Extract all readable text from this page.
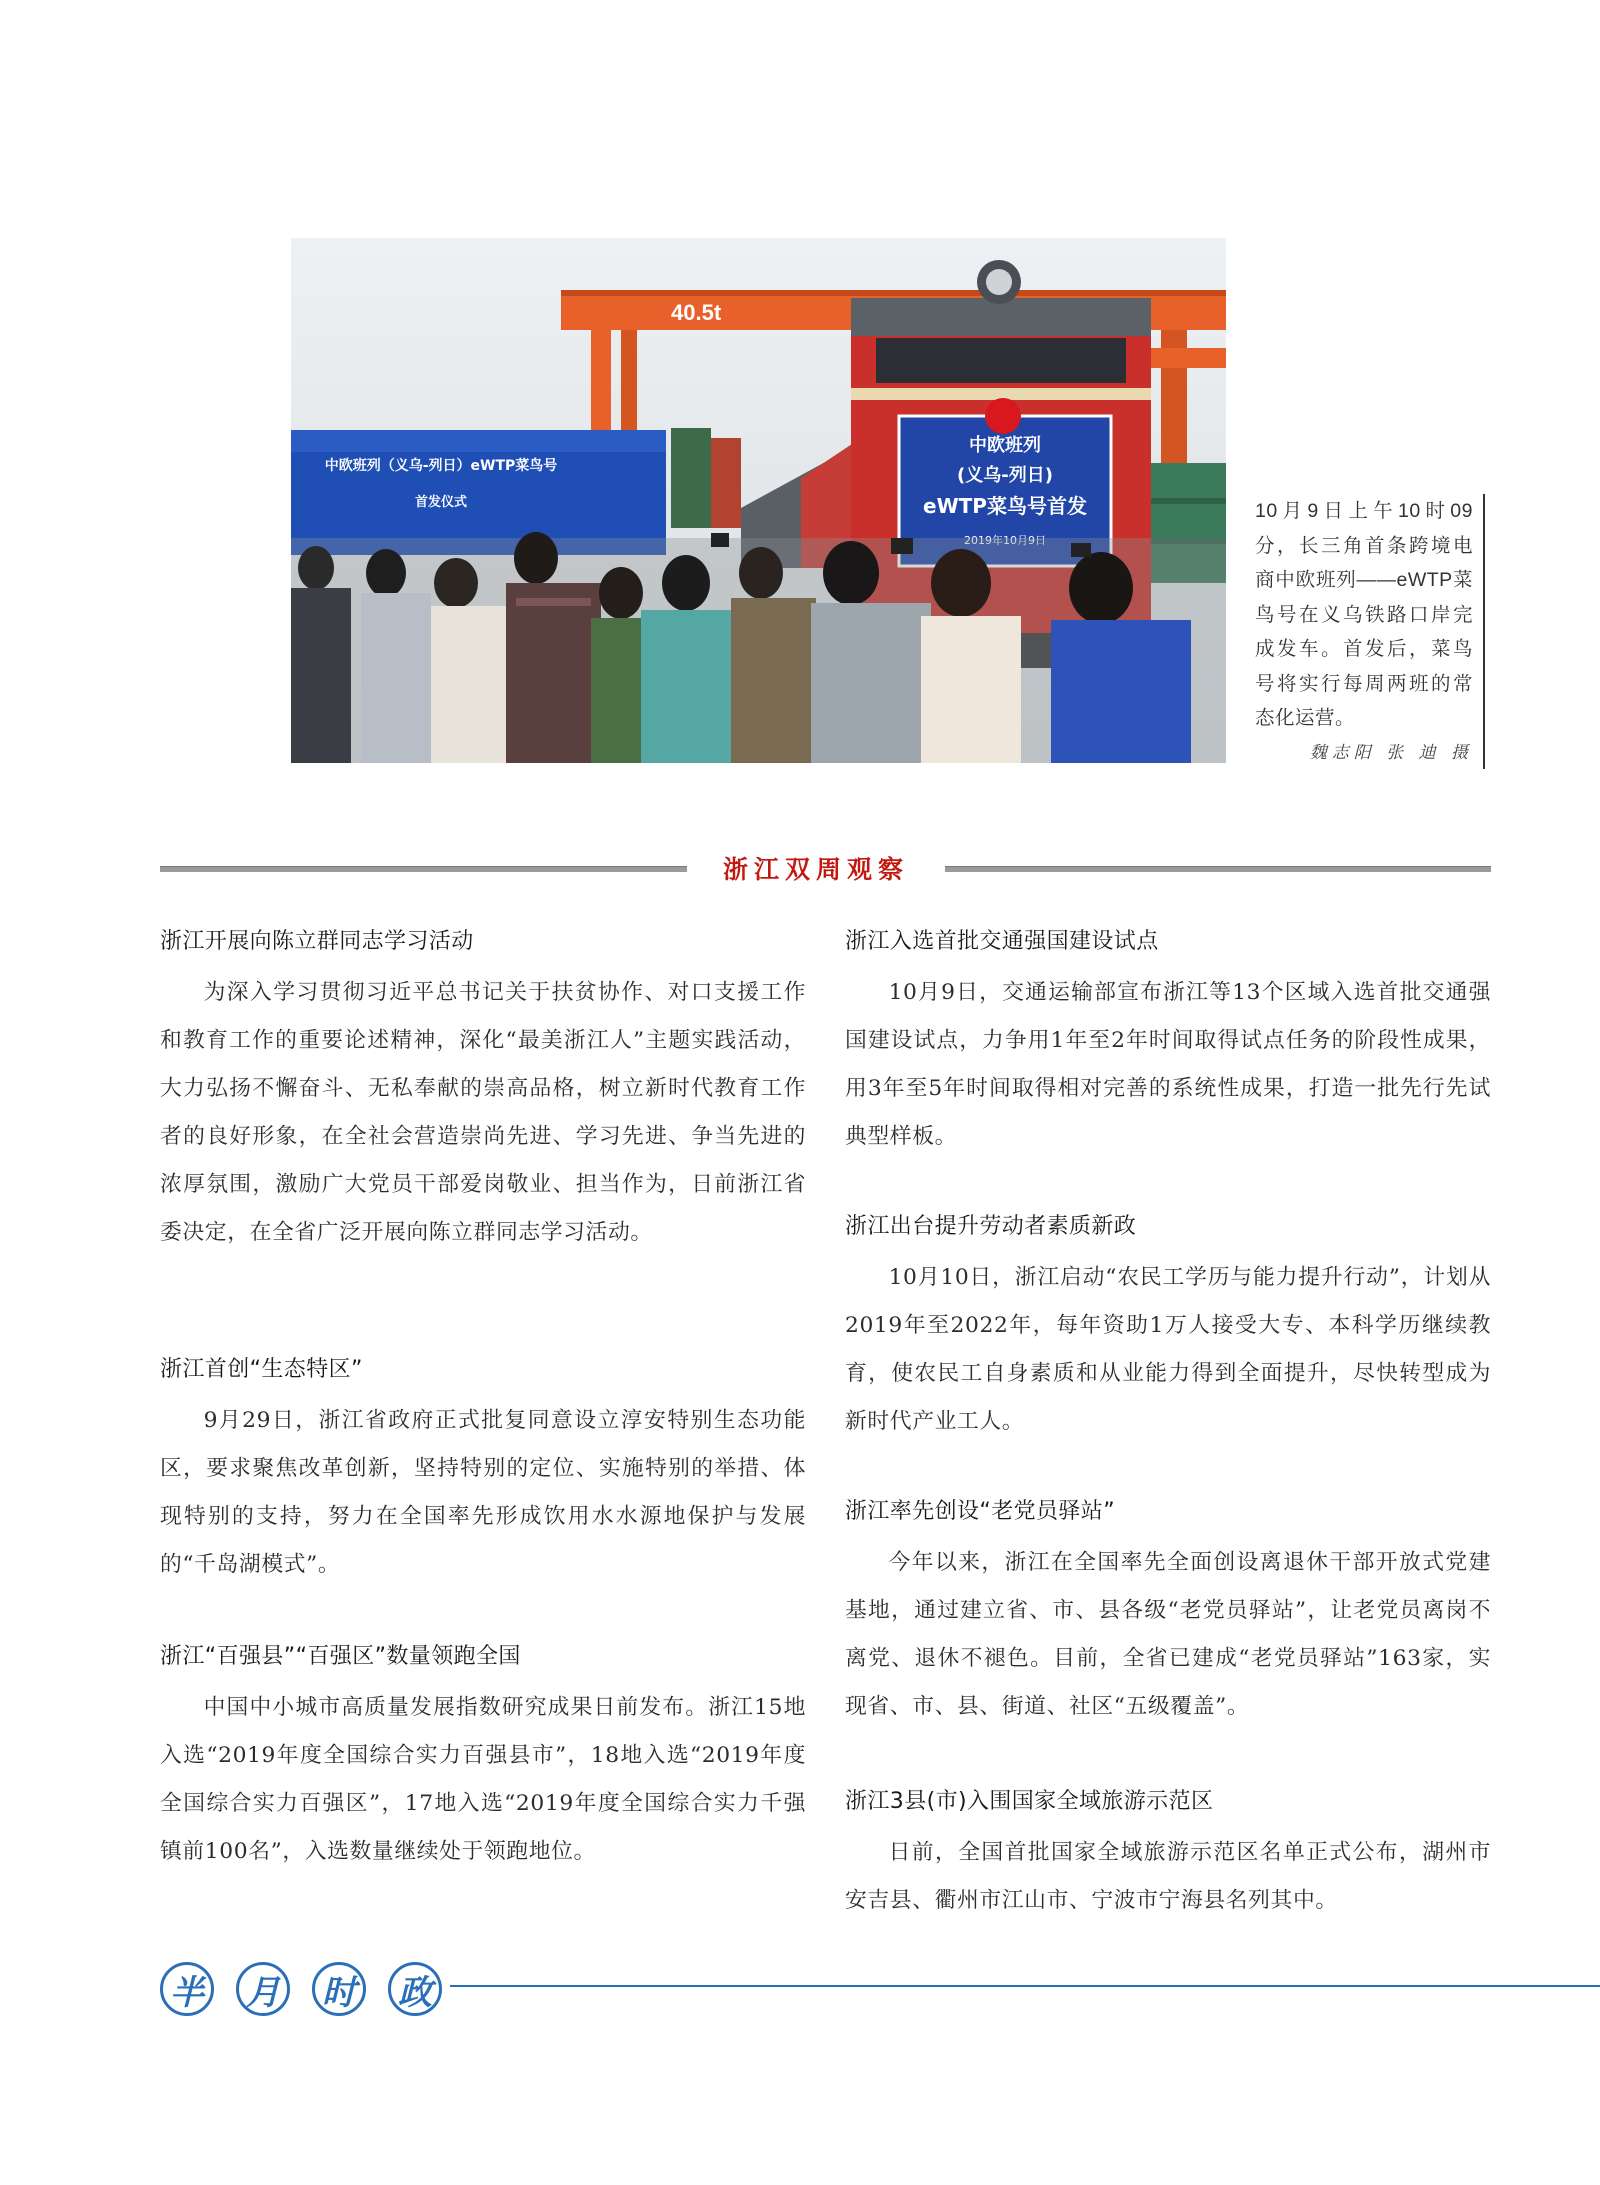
40.5t
中欧班列
(义乌-列日)
eWTP菜鸟号首发
2019年10月9日
中欧班列（义乌-列日）eWTP菜鸟号
首发仪式	10月9日上午10时09分，长三角首条跨境电商中欧班列——eWTP菜鸟号在义乌铁路口岸完成发车。首发后，菜鸟号将实行每周两班的常态化运营。
魏志阳 张 迪 摄
浙江双周观察
浙江开展向陈立群同志学习活动

为深入学习贯彻习近平总书记关于扶贫协作、对口支援工作和教育工作的重要论述精神，深化“最美浙江人”主题实践活动，大力弘扬不懈奋斗、无私奉献的崇高品格，树立新时代教育工作者的良好形象，在全社会营造崇尚先进、学习先进、争当先进的浓厚氛围，激励广大党员干部爱岗敬业、担当作为，日前浙江省委决定，在全省广泛开展向陈立群同志学习活动。

浙江首创“生态特区”

9月29日，浙江省政府正式批复同意设立淳安特别生态功能区，要求聚焦改革创新，坚持特别的定位、实施特别的举措、体现特别的支持，努力在全国率先形成饮用水水源地保护与发展的“千岛湖模式”。

浙江“百强县”“百强区”数量领跑全国

中国中小城市高质量发展指数研究成果日前发布。浙江15地入选“2019年度全国综合实力百强县市”，18地入选“2019年度全国综合实力百强区”，17地入选“2019年度全国综合实力千强镇前100名”，入选数量继续处于领跑地位。

浙江入选首批交通强国建设试点

10月9日，交通运输部宣布浙江等13个区域入选首批交通强国建设试点，力争用1年至2年时间取得试点任务的阶段性成果，用3年至5年时间取得相对完善的系统性成果，打造一批先行先试典型样板。

浙江出台提升劳动者素质新政

10月10日，浙江启动“农民工学历与能力提升行动”，计划从2019年至2022年，每年资助1万人接受大专、本科学历继续教育，使农民工自身素质和从业能力得到全面提升，尽快转型成为新时代产业工人。

浙江率先创设“老党员驿站”

今年以来，浙江在全国率先全面创设离退休干部开放式党建基地，通过建立省、市、县各级“老党员驿站”，让老党员离岗不离党、退休不褪色。目前，全省已建成“老党员驿站”163家，实现省、市、县、街道、社区“五级覆盖”。

浙江3县(市)入围国家全域旅游示范区

日前，全国首批国家全域旅游示范区名单正式公布，湖州市安吉县、衢州市江山市、宁波市宁海县名列其中。

半 月 时 政
